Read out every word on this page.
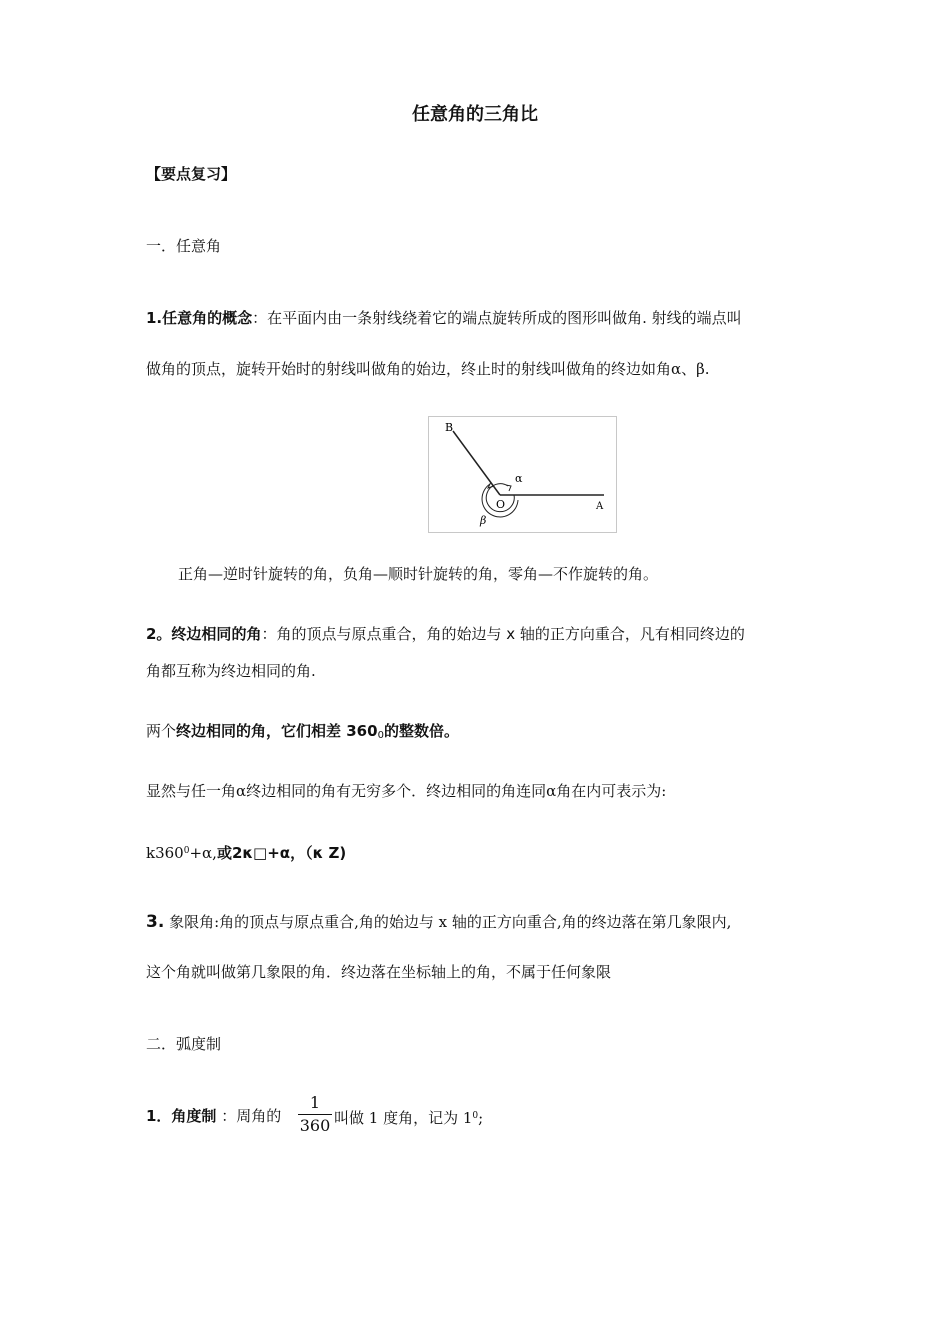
任意角的三角比
【要点复习】
一．任意角
1.任意角的概念：在平面内由一条射线绕着它的端点旋转所成的图形叫做角. 射线的端点叫
做角的顶点，旋转开始时的射线叫做角的始边，终止时的射线叫做角的终边如角α、β.
B
α
O	A
β
正角—逆时针旋转的角，负角—顺时针旋转的角，零角—不作旋转的角。
2。终边相同的角：角的顶点与原点重合，角的始边与 x 轴的正方向重合，凡有相同终边的
角都互称为终边相同的角.
两个终边相同的角，它们相差 $360_0$的整数倍。
显然与任一角α终边相同的角有无穷多个．终边相同的角连同α角在内可表示为:
$k360^0+\alpha$,或2κ□+α，（κ Z)
3. 象限角:角的顶点与原点重合,角的始边与 x 轴的正方向重合,角的终边落在第几象限内,
这个角就叫做第几象限的角．终边落在坐标轴上的角，不属于任何象限
二．弧度制
1．角度制 ：周角的
1
360 叫做 1 度角，记为 $1^0$;
